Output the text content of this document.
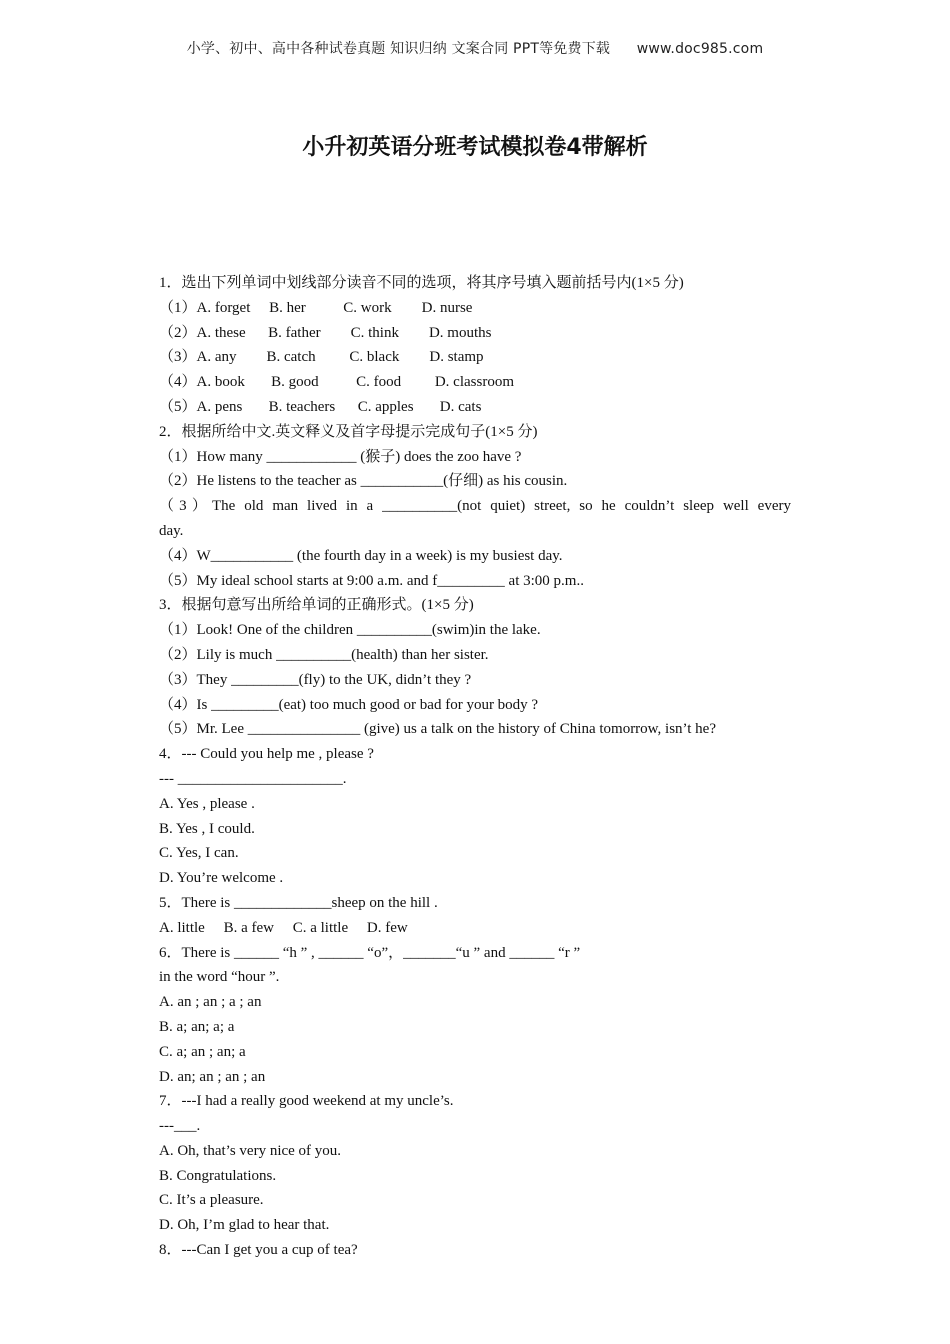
小学、初中、高中各种试卷真题 知识归纳 文案合同 PPT等免费下载 www.doc985.com
小升初英语分班考试模拟卷4带解析
1．选出下列单词中划线部分读音不同的选项，将其序号填入题前括号内(1×5 分)
（1）A. forget     B. her          C. work        D. nurse
（2）A. these      B. father        C. think        D. mouths
（3）A. any        B. catch         C. black        D. stamp
（4）A. book       B. good          C. food         D. classroom
（5）A. pens       B. teachers      C. apples       D. cats
2．根据所给中文.英文释义及首字母提示完成句子(1×5 分)
（1）How many ____________ (猴子) does the zoo have ?
（2）He listens to the teacher as ___________(仔细) as his cousin.
（3）The old man lived in a __________(not quiet) street, so he couldn’t sleep well every
day.
（4）W___________ (the fourth day in a week) is my busiest day.
（5）My ideal school starts at 9:00 a.m. and f_________ at 3:00 p.m..
3．根据句意写出所给单词的正确形式。(1×5 分)
（1）Look! One of the children __________(swim)in the lake.
（2）Lily is much __________(health) than her sister.
（3）They _________(fly) to the UK, didn’t they ?
（4）Is _________(eat) too much good or bad for your body ?
（5）Mr. Lee _______________ (give) us a talk on the history of China tomorrow, isn’t he?
4．--- Could you help me , please ?
--- ______________________.
A. Yes , please .
B. Yes , I could.
C. Yes, I can.
D. You’re welcome .
5．There is _____________sheep on the hill .
A. little     B. a few     C. a little     D. few
6．There is ______ “h ” , ______ “o”，_______“u ” and ______ “r ”
in the word “hour ”.
A. an ; an ; a ; an
B. a; an; a; a
C. a; an ; an; a
D. an; an ; an ; an
7．---I had a really good weekend at my uncle’s.
---___.
A. Oh, that’s very nice of you.
B. Congratulations.
C. It’s a pleasure.
D. Oh, I’m glad to hear that.
8．---Can I get you a cup of tea?
